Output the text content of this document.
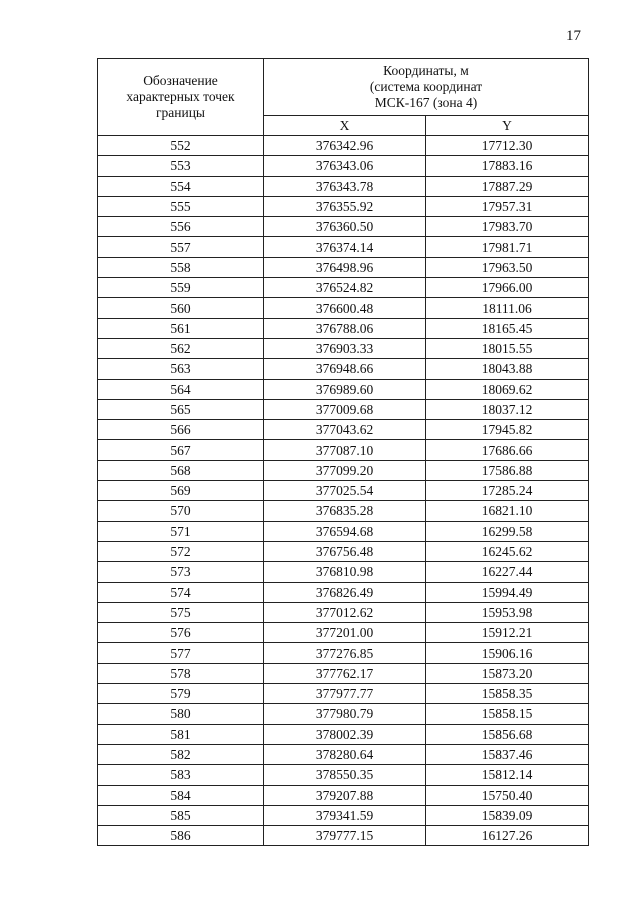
17
Обозначение
характерных точек
границы	Координаты, м
(система координат
МСК-167 (зона 4)	

	X	Y
552	376342.96	17712.30
553	376343.06	17883.16
554	376343.78	17887.29
555	376355.92	17957.31
556	376360.50	17983.70
557	376374.14	17981.71
558	376498.96	17963.50
559	376524.82	17966.00
560	376600.48	18111.06
561	376788.06	18165.45
562	376903.33	18015.55
563	376948.66	18043.88
564	376989.60	18069.62
565	377009.68	18037.12
566	377043.62	17945.82
567	377087.10	17686.66
568	377099.20	17586.88
569	377025.54	17285.24
570	376835.28	16821.10
571	376594.68	16299.58
572	376756.48	16245.62
573	376810.98	16227.44
574	376826.49	15994.49
575	377012.62	15953.98
576	377201.00	15912.21
577	377276.85	15906.16
578	377762.17	15873.20
579	377977.77	15858.35
580	377980.79	15858.15
581	378002.39	15856.68
582	378280.64	15837.46
583	378550.35	15812.14
584	379207.88	15750.40
585	379341.59	15839.09
586	379777.15	16127.26
